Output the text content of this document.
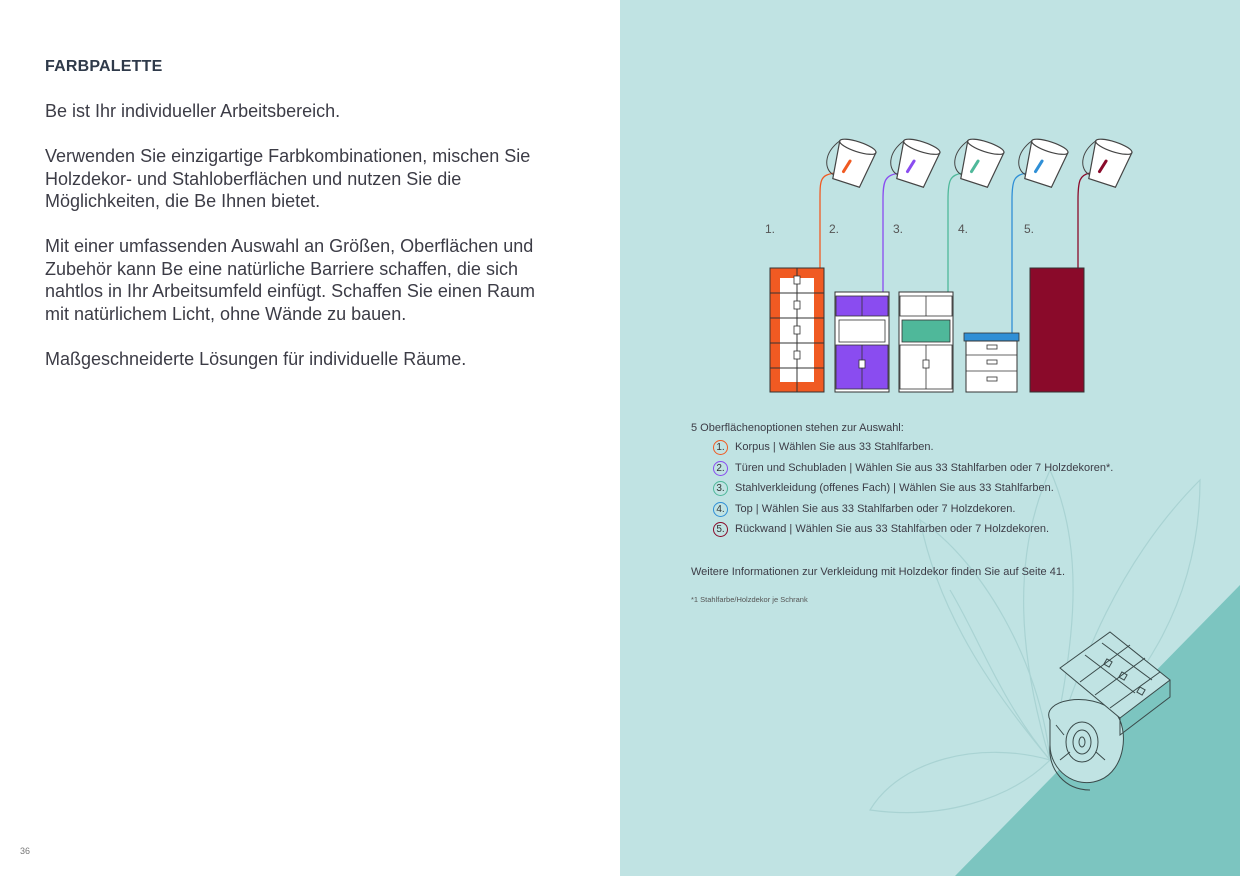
FARBPALETTE

Be ist Ihr individueller Arbeitsbereich.

Verwenden Sie einzigartige Farbkombinationen, mischen Sie Holzdekor- und Stahloberflächen und nutzen Sie die Möglichkeiten, die Be Ihnen bietet.

Mit einer umfassenden Auswahl an Größen, Oberflächen und Zubehör kann Be eine natürliche Barriere schaffen, die sich nahtlos in Ihr Arbeitsumfeld einfügt. Schaffen Sie einen Raum mit natürlichem Licht, ohne Wände zu bauen.

Maßgeschneiderte Lösungen für individuelle Räume.

36
1.	2.	3.	4.	5.
5 Oberflächenoptionen stehen zur Auswahl:
1. Korpus | Wählen Sie aus 33 Stahlfarben.
2. Türen und Schubladen | Wählen Sie aus 33 Stahlfarben oder 7 Holzdekoren*.
3. Stahlverkleidung (offenes Fach) | Wählen Sie aus 33 Stahlfarben.
4. Top | Wählen Sie aus 33 Stahlfarben oder 7 Holzdekoren.
5. Rückwand | Wählen Sie aus 33 Stahlfarben oder 7 Holzdekoren.
Weitere Informationen zur Verkleidung mit Holzdekor finden Sie auf Seite 41.
*1 Stahlfarbe/Holzdekor je Schrank
